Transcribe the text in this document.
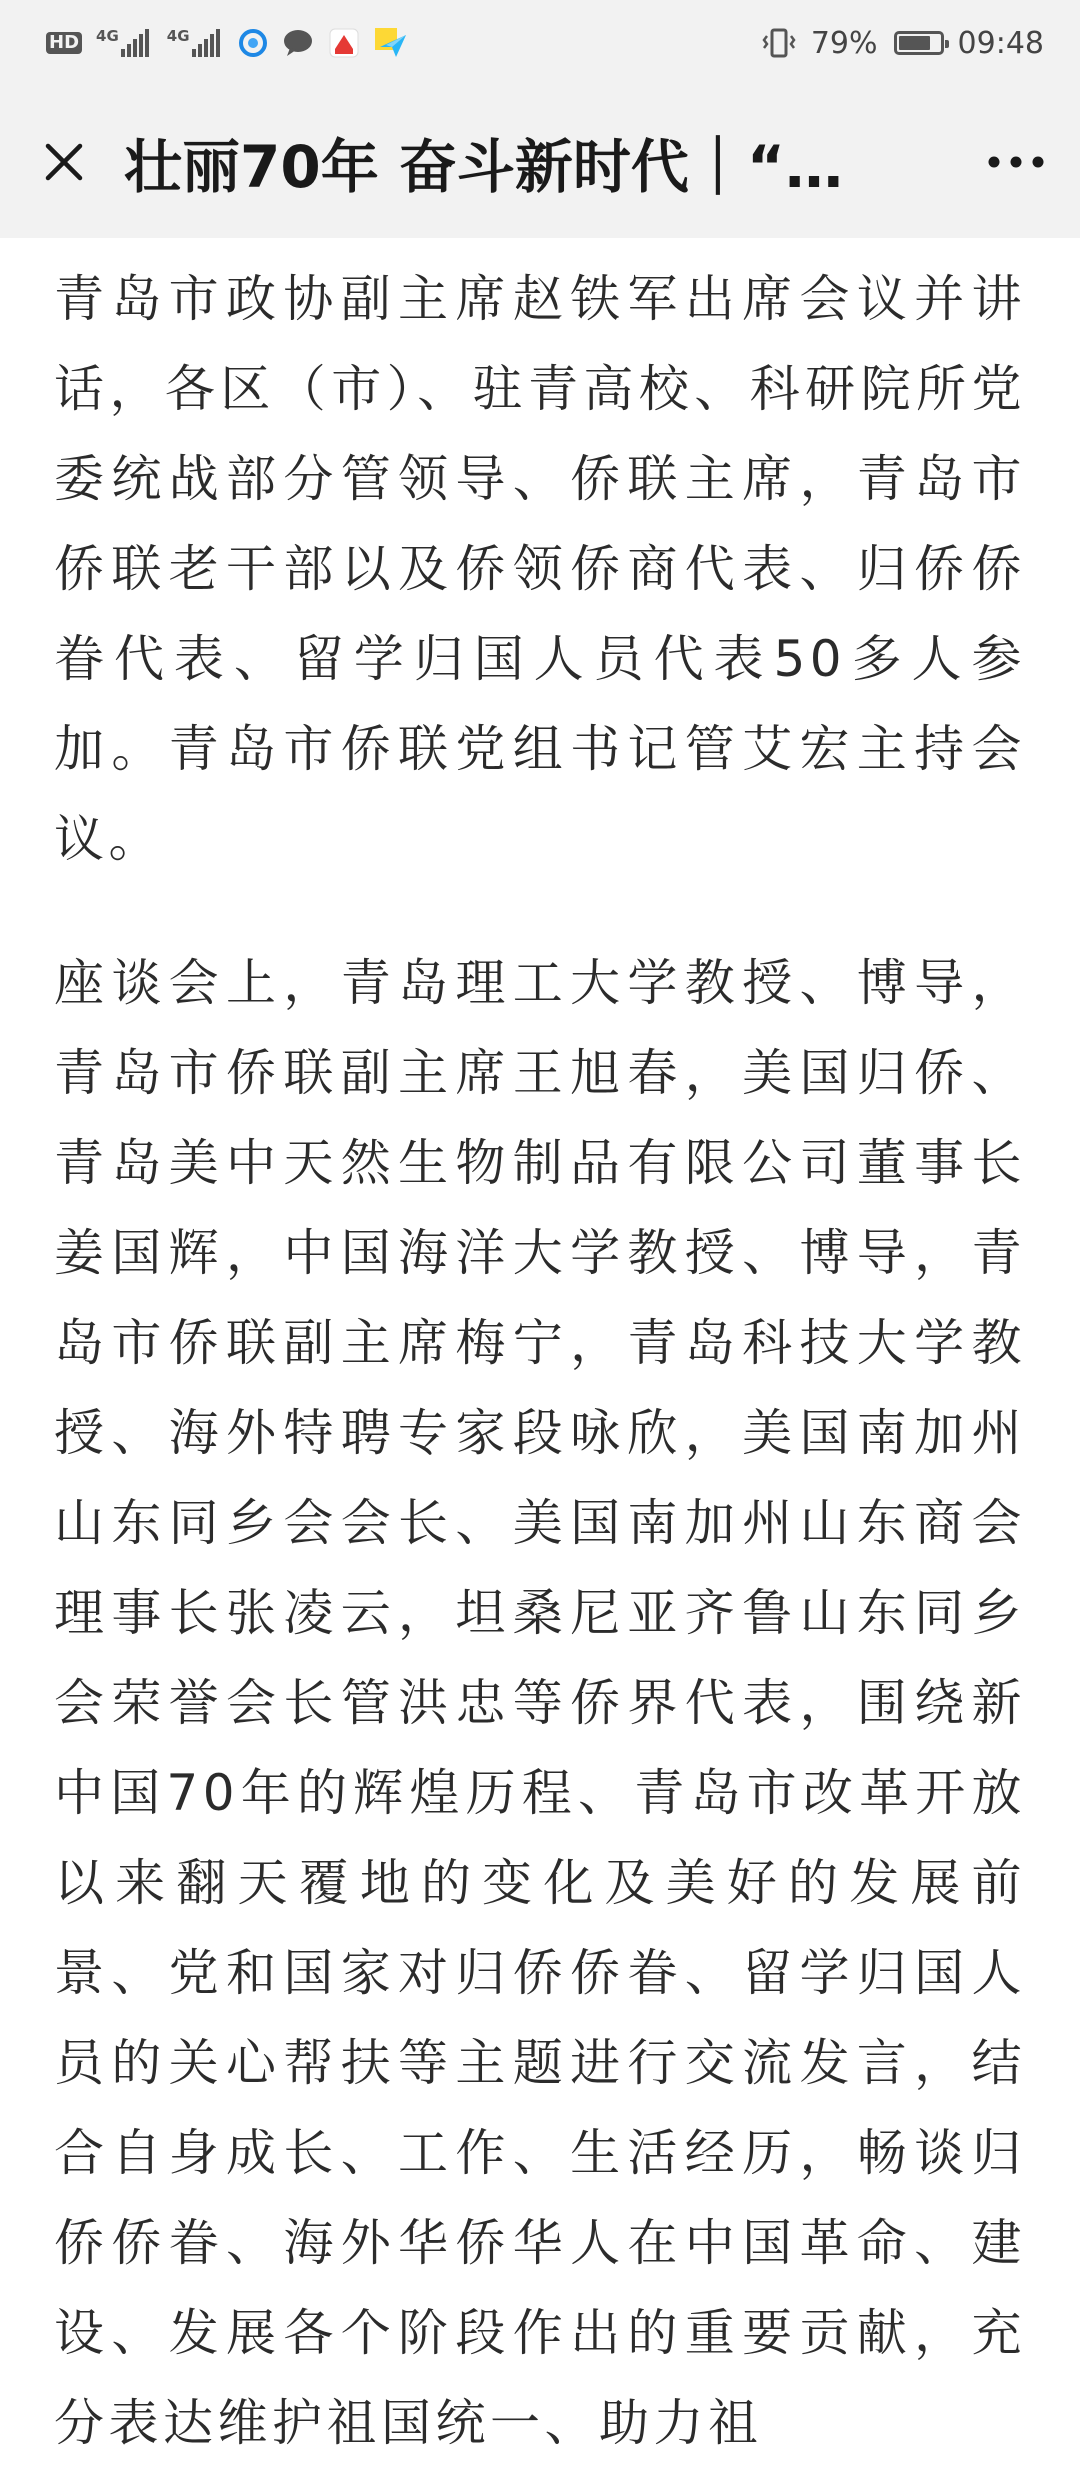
HD 4G	4G	79%	09:48
壮丽70年 奋斗新时代｜“…

青岛市政协副主席赵铁军出席会议并讲话，各区（市）、驻青高校、科研院所党委统战部分管领导、侨联主席，青岛市侨联老干部以及侨领侨商代表、归侨侨眷代表、留学归国人员代表50多人参加。青岛市侨联党组书记管艾宏主持会议。

座谈会上，青岛理工大学教授、博导，青岛市侨联副主席王旭春，美国归侨、青岛美中天然生物制品有限公司董事长姜国辉，中国海洋大学教授、博导，青岛市侨联副主席梅宁，青岛科技大学教授、海外特聘专家段咏欣，美国南加州山东同乡会会长、美国南加州山东商会理事长张凌云，坦桑尼亚齐鲁山东同乡会荣誉会长管洪忠等侨界代表，围绕新中国70年的辉煌历程、青岛市改革开放以来翻天覆地的变化及美好的发展前景、党和国家对归侨侨眷、留学归国人员的关心帮扶等主题进行交流发言，结合自身成长、工作、生活经历，畅谈归侨侨眷、海外华侨华人在中国革命、建设、发展各个阶段作出的重要贡献，充分表达维护祖国统一、助力祖
